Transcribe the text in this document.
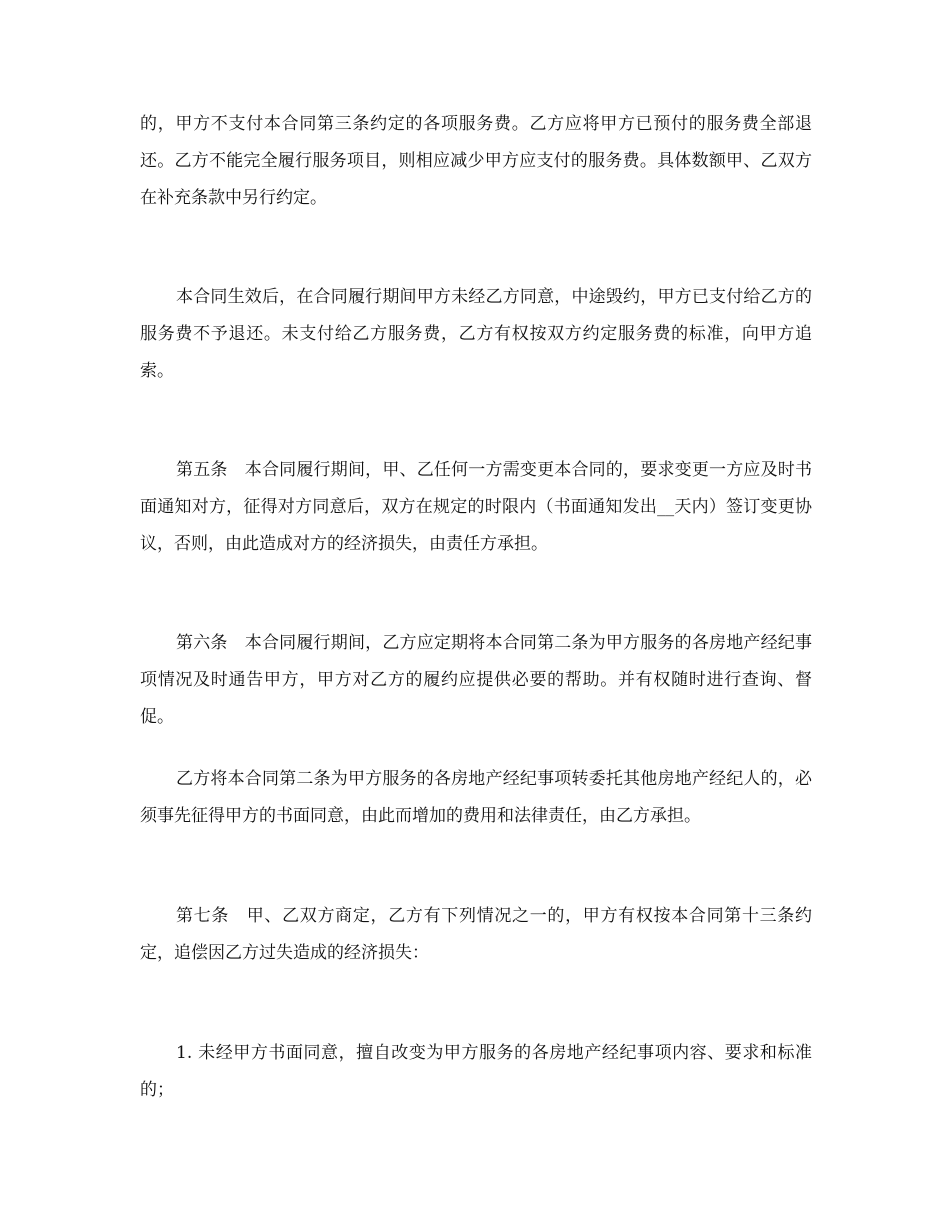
的，甲方不支付本合同第三条约定的各项服务费。乙方应将甲方已预付的服务费全部退还。乙方不能完全履行服务项目，则相应减少甲方应支付的服务费。具体数额甲、乙双方在补充条款中另行约定。

本合同生效后，在合同履行期间甲方未经乙方同意，中途毁约，甲方已支付给乙方的服务费不予退还。未支付给乙方服务费，乙方有权按双方约定服务费的标准，向甲方追索。

第五条　本合同履行期间，甲、乙任何一方需变更本合同的，要求变更一方应及时书面通知对方，征得对方同意后，双方在规定的时限内（书面通知发出__天内）签订变更协议，否则，由此造成对方的经济损失，由责任方承担。

第六条　本合同履行期间，乙方应定期将本合同第二条为甲方服务的各房地产经纪事项情况及时通告甲方，甲方对乙方的履约应提供必要的帮助。并有权随时进行查询、督促。

乙方将本合同第二条为甲方服务的各房地产经纪事项转委托其他房地产经纪人的，必须事先征得甲方的书面同意，由此而增加的费用和法律责任，由乙方承担。

第七条　甲、乙双方商定，乙方有下列情况之一的，甲方有权按本合同第十三条约定，追偿因乙方过失造成的经济损失：

1. 未经甲方书面同意，擅自改变为甲方服务的各房地产经纪事项内容、要求和标准的；
